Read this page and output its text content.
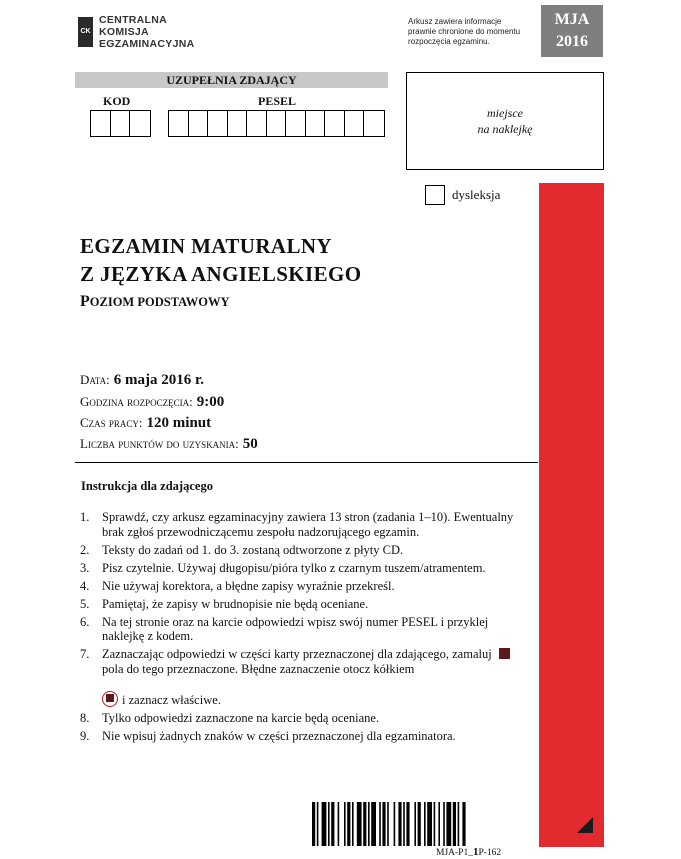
CK
CENTRALNA
KOMISJA
EGZAMINACYJNA
Arkusz zawiera informacje
prawnie chronione do momentu
rozpoczęcia egzaminu.
MJA
2016
UZUPEŁNIA ZDAJĄCY
KOD	PESEL
miejsce
na naklejkę
dysleksja
EGZAMIN MATURALNY
Z JĘZYKA ANGIELSKIEGO
POZIOM PODSTAWOWY
Data: 6 maja 2016 r.
Godzina rozpoczęcia: 9:00
Czas pracy: 120 minut
Liczba punktów do uzyskania: 50
Instrukcja dla zdającego
1.	Sprawdź, czy arkusz egzaminacyjny zawiera 13 stron (zadania 1–10). Ewentualny brak zgłoś przewodniczącemu zespołu nadzorującego egzamin.
2.	Teksty do zadań od 1. do 3. zostaną odtworzone z płyty CD.
3.	Pisz czytelnie. Używaj długopisu/pióra tylko z czarnym tuszem/atramentem.
4.	Nie używaj korektora, a błędne zapisy wyraźnie przekreśl.
5.	Pamiętaj, że zapisy w brudnopisie nie będą oceniane.
6.	Na tej stronie oraz na karcie odpowiedzi wpisz swój numer PESEL i przyklej naklejkę z kodem.
7.	Zaznaczając odpowiedzi w części karty przeznaczonej dla zdającego, zamaluj pola do tego przeznaczone. Błędne zaznaczenie otocz kółkiem

i zaznacz właściwe.
8.	Tylko odpowiedzi zaznaczone na karcie będą oceniane.
9.	Nie wpisuj żadnych znaków w części przeznaczonej dla egzaminatora.
MJA-P1_1P-162
